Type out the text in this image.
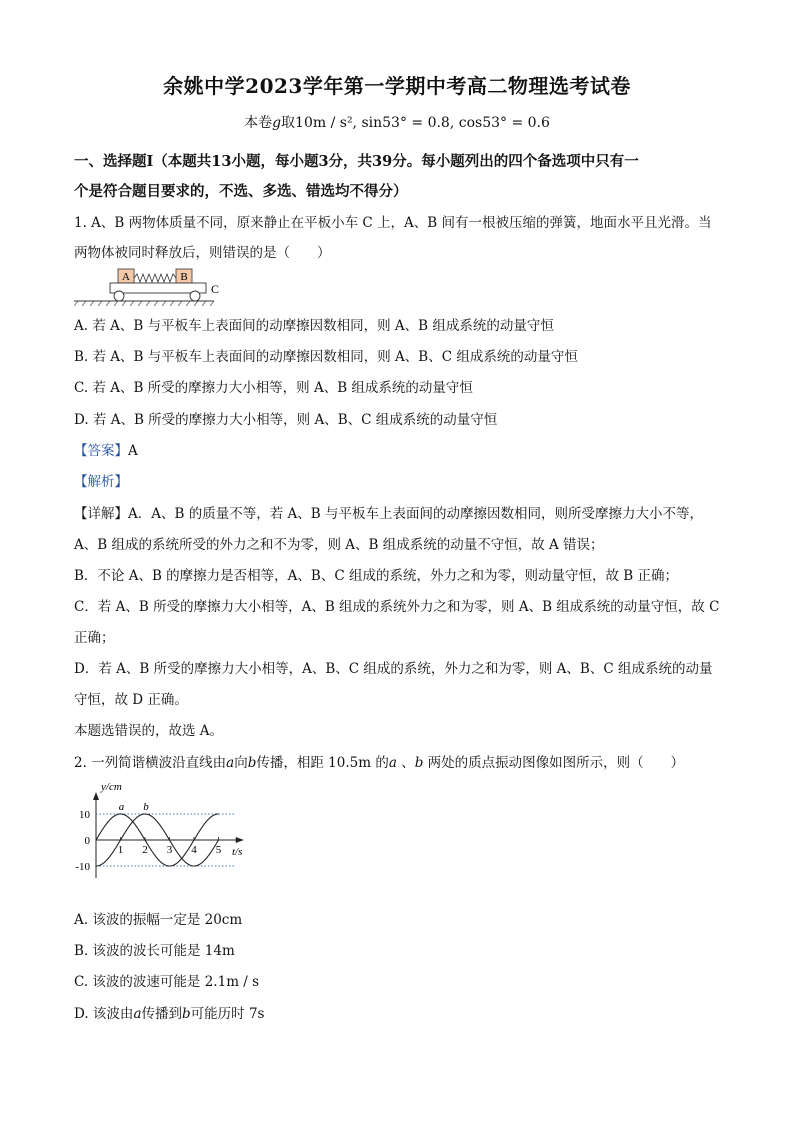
余姚中学2023学年第一学期中考高二物理选考试卷
本卷g取10m / s², sin53° = 0.8, cos53° = 0.6
一、选择题Ⅰ（本题共13小题，每小题3分，共39分。每小题列出的四个备选项中只有一
个是符合题目要求的，不选、多选、错选均不得分）
1. A、B 两物体质量不同，原来静止在平板小车 C 上，A、B 间有一根被压缩的弹簧，地面水平且光滑。当
两物体被同时释放后，则错误的是（　　）
A	B
C
A. 若 A、B 与平板车上表面间的动摩擦因数相同，则 A、B 组成系统的动量守恒
B. 若 A、B 与平板车上表面间的动摩擦因数相同，则 A、B、C 组成系统的动量守恒
C. 若 A、B 所受的摩擦力大小相等，则 A、B 组成系统的动量守恒
D. 若 A、B 所受的摩擦力大小相等，则 A、B、C 组成系统的动量守恒
【答案】A
【解析】
【详解】A．A、B 的质量不等，若 A、B 与平板车上表面间的动摩擦因数相同，则所受摩擦力大小不等，
A、B 组成的系统所受的外力之和不为零，则 A、B 组成系统的动量不守恒，故 A 错误；
B．不论 A、B 的摩擦力是否相等，A、B、C 组成的系统，外力之和为零，则动量守恒，故 B 正确；
C．若 A、B 所受的摩擦力大小相等，A、B 组成的系统外力之和为零，则 A、B 组成系统的动量守恒，故 C
正确；
D．若 A、B 所受的摩擦力大小相等，A、B、C 组成的系统，外力之和为零，则 A、B、C 组成系统的动量
守恒，故 D 正确。
本题选错误的，故选 A。
2. 一列简谐横波沿直线由a向b传播，相距 10.5m 的a 、b 两处的质点振动图像如图所示，则（　　）
y/cm
t/s
10
0
-10
1 2 3 4 5
a b
A. 该波的振幅一定是 20cm
B. 该波的波长可能是 14m
C. 该波的波速可能是 2.1m / s
D. 该波由a传播到b可能历时 7s
